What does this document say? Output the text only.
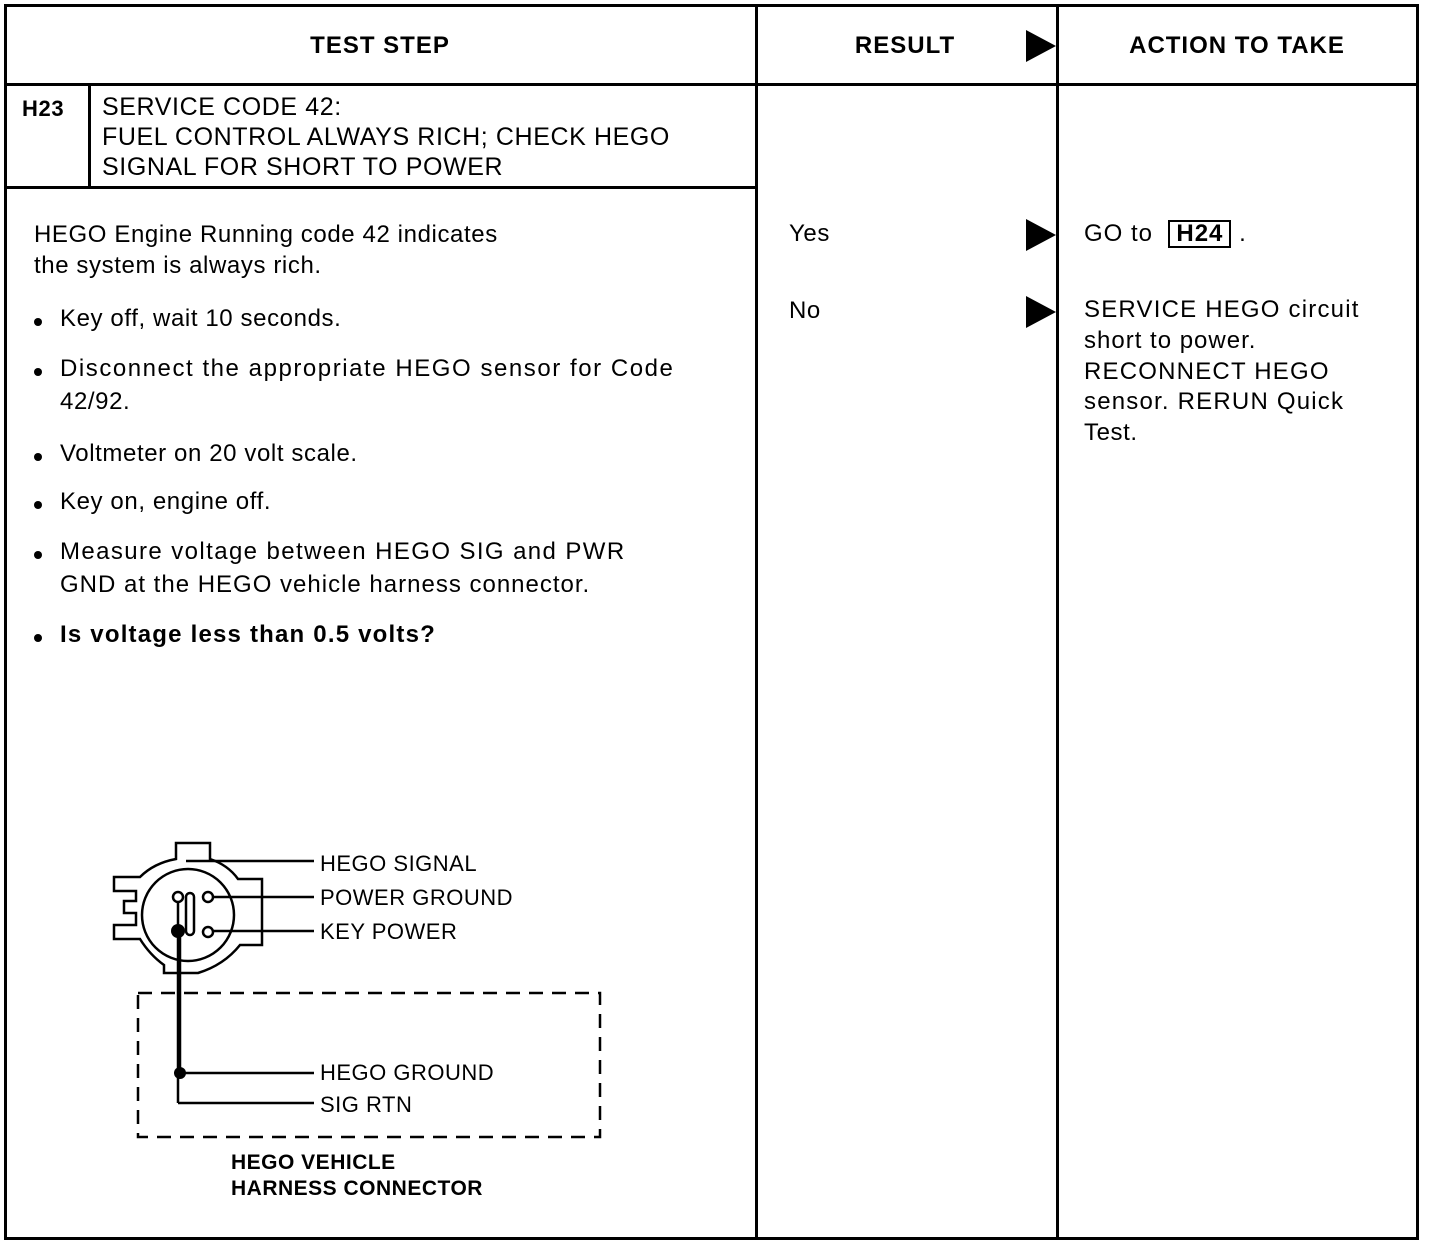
TEST STEP	RESULT	ACTION TO TAKE
H23 SERVICE CODE 42:
FUEL CONTROL ALWAYS RICH; CHECK HEGO
SIGNAL FOR SHORT TO POWER
HEGO Engine Running code 42 indicates
the system is always rich.
Key off, wait 10 seconds.
Disconnect the appropriate HEGO sensor for Code
42/92.
Voltmeter on 20 volt scale.
Key on, engine off.
Measure voltage between HEGO SIG and PWR
GND at the HEGO vehicle harness connector.
Is voltage less than 0.5 volts?
Yes	GO to H24 .
No	SERVICE HEGO circuit
short to power.
RECONNECT HEGO
sensor. RERUN Quick
Test.
HEGO SIGNAL
POWER GROUND
KEY POWER
HEGO GROUND
SIG RTN
HEGO VEHICLE
HARNESS CONNECTOR
